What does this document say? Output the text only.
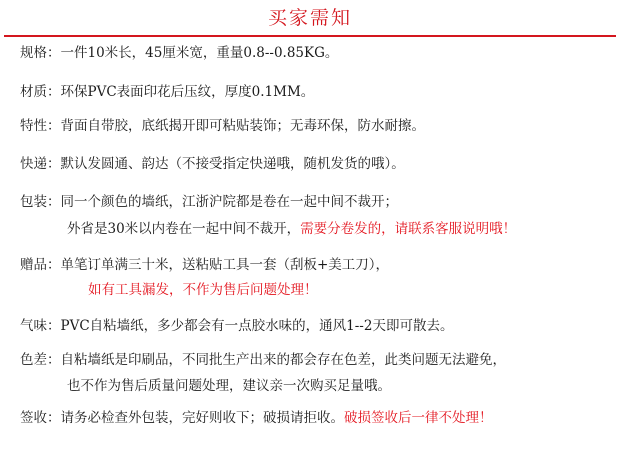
买家需知
规格：一件10米长，45厘米宽，重量0.8--0.85KG。
材质：环保PVC表面印花后压纹，厚度0.1MM。
特性：背面自带胶，底纸揭开即可粘贴装饰；无毒环保，防水耐擦。
快递：默认发圆通、韵达（不接受指定快递哦，随机发货的哦）。
包装：同一个颜色的墙纸，江浙沪院都是卷在一起中间不裁开；
外省是30米以内卷在一起中间不裁开，需要分卷发的，请联系客服说明哦！
赠品：单笔订单满三十米，送粘贴工具一套（刮板+美工刀），
如有工具漏发，不作为售后问题处理！
气味：PVC自粘墙纸，多少都会有一点胶水味的，通风1--2天即可散去。
色差：自粘墙纸是印刷品，不同批生产出来的都会存在色差，此类问题无法避免，
也不作为售后质量问题处理，建议亲一次购买足量哦。
签收：请务必检查外包装，完好则收下；破损请拒收。破损签收后一律不处理！
